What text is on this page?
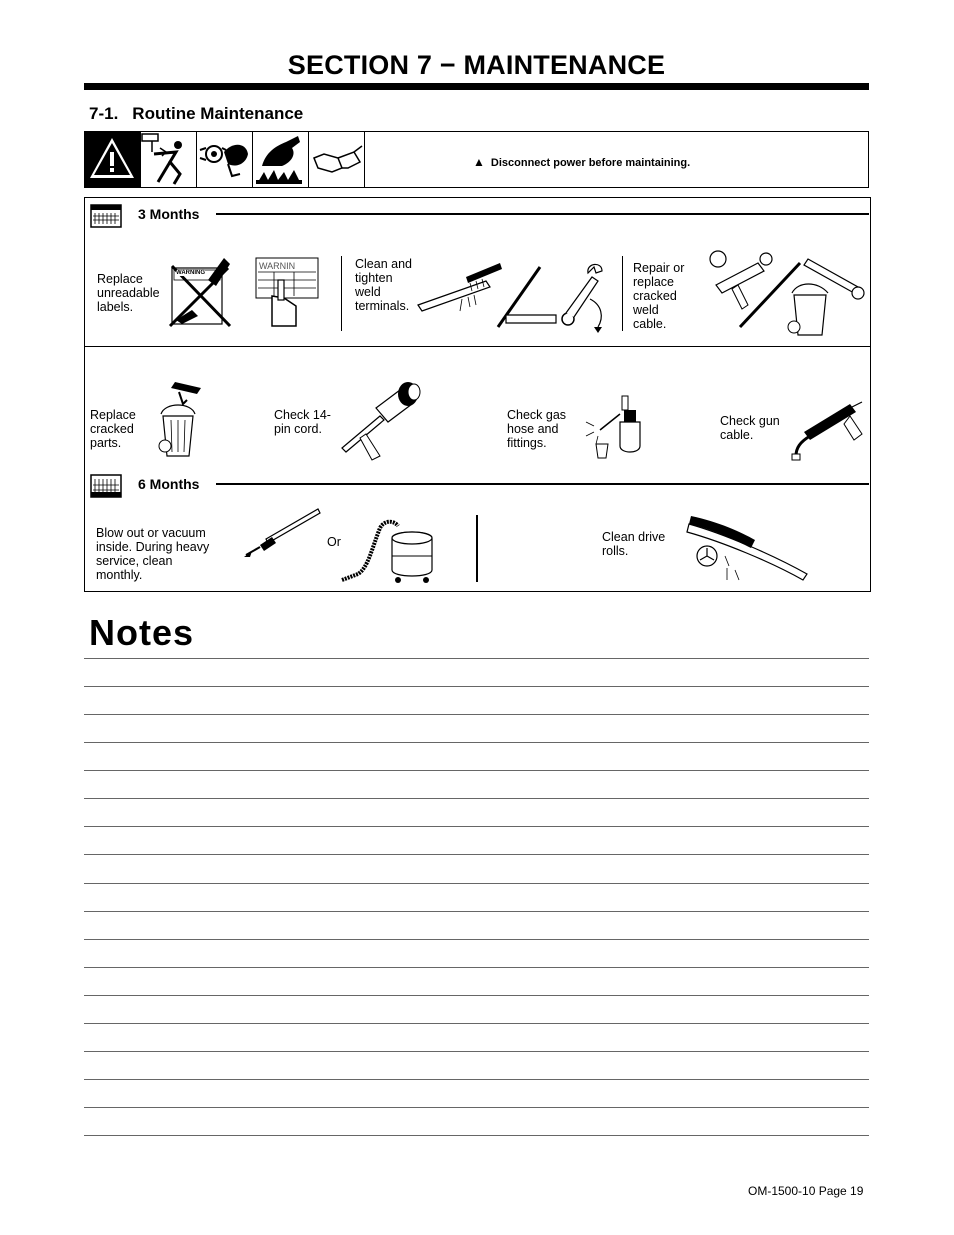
SECTION 7 − MAINTENANCE
7-1. Routine Maintenance
▲ Disconnect power before maintaining.
3 Months
Replace unreadable labels.
WARNING
WARNIN	Clean and tighten weld terminals.
Repair or replace cracked weld cable.
Replace cracked parts.
Check 14-pin cord.
Check gas hose and fittings.
Check gun cable.
6 Months
Blow out or vacuum inside. During heavy service, clean monthly.
Or	Clean drive rolls.
Notes
OM-1500-10 Page 19
